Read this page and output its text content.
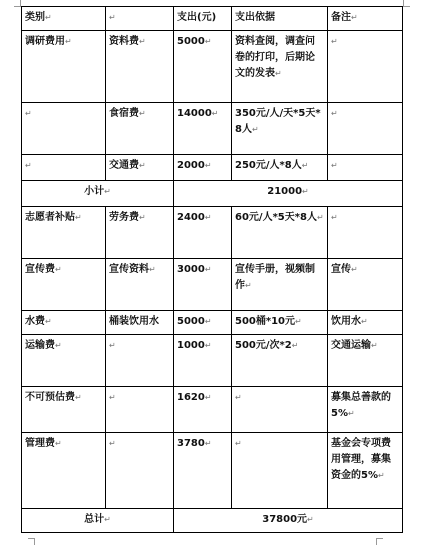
类别↵	↵	支出(元)	支出依据	备注↵
调研费用↵	资料费↵	5000↵	资料查阅，调查问卷的打印，后期论文的发表↵	↵
↵	食宿费↵	14000↵	350元/人/天*5天*8人↵	↵
↵	交通费↵	2000↵	250元/人*8人↵	↵
小计↵		21000↵		
志愿者补贴↵	劳务费↵	2400↵	60元/人*5天*8人↵	↵
宣传费↵	宣传资料↵	3000↵	宣传手册，视频制作↵	宣传↵
水费↵	桶装饮用水	5000↵	500桶*10元↵	饮用水↵
运输费↵	↵	1000↵	500元/次*2↵	交通运输↵
不可预估费↵	↵	1620↵	↵	募集总善款的5%↵
管理费↵	↵	3780↵	↵	基金会专项费用管理，募集资金的5%↵
总计↵		37800元↵		
